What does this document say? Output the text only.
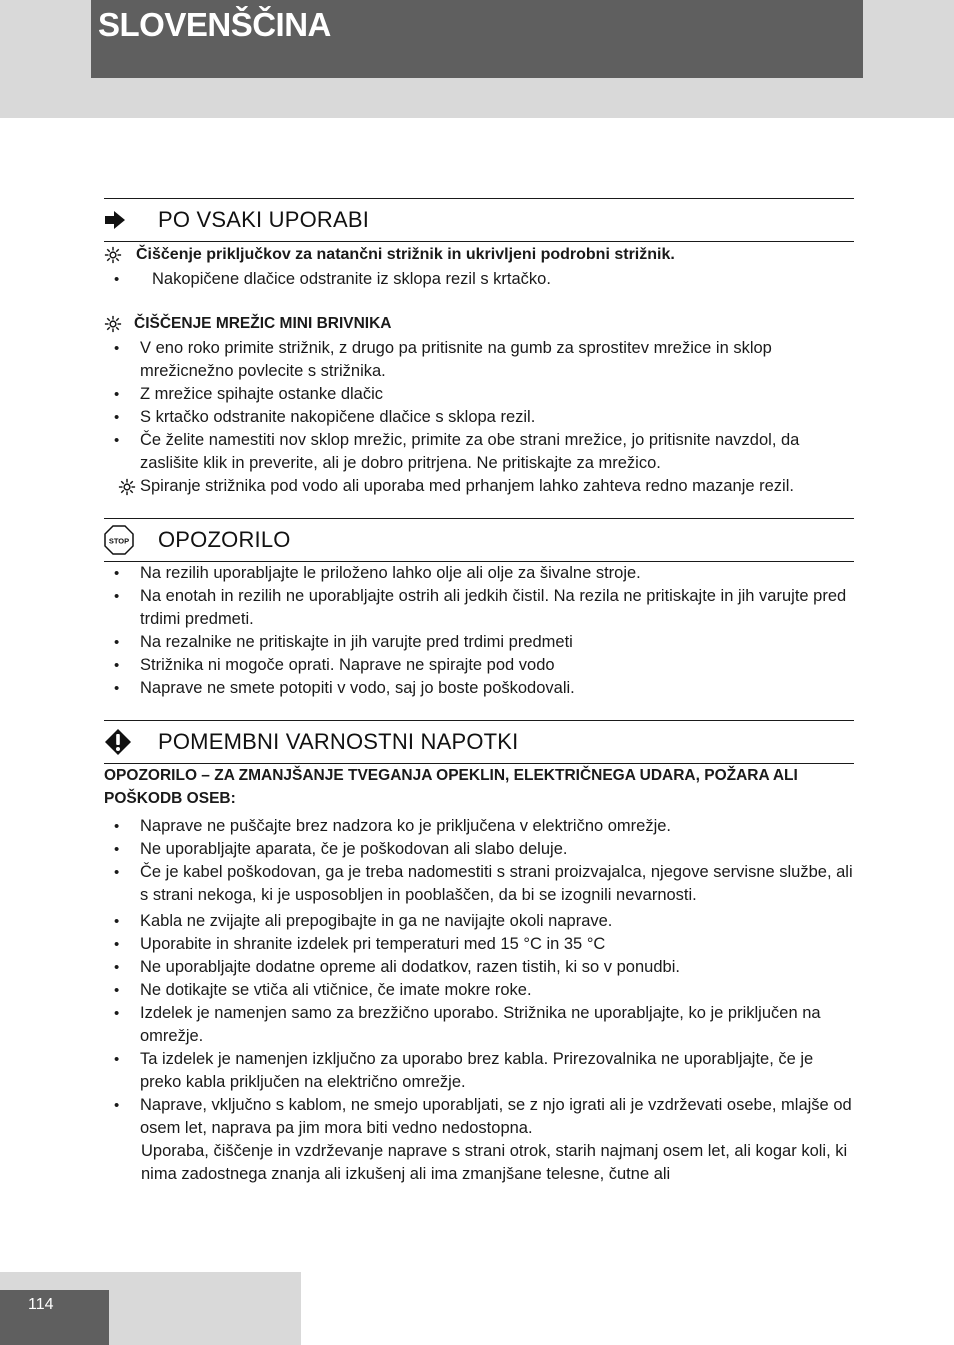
SLOVENŠČINA
PO VSAKI UPORABI
Čiščenje priključkov za natančni strižnik in ukrivljeni podrobni strižnik.
• Nakopičene dlačice odstranite iz sklopa rezil s krtačko.
ČIŠČENJE MREŽIC MINI BRIVNIKA
• V eno roko primite strižnik, z drugo pa pritisnite na gumb za sprostitev mrežice in sklop mrežicnežno povlecite s strižnika.
• Z mrežice spihajte ostanke dlačic
• S krtačko odstranite nakopičene dlačice s sklopa rezil.
• Če želite namestiti nov sklop mrežic, primite za obe strani mrežice, jo pritisnite navzdol, da zaslišite klik in preverite, ali je dobro pritrjena. Ne pritiskajte za mrežico.
Spiranje strižnika pod vodo ali uporaba med prhanjem lahko zahteva redno mazanje rezil.
STOP OPOZORILO
• Na rezilih uporabljajte le priloženo lahko olje ali olje za šivalne stroje.
• Na enotah in rezilih ne uporabljajte ostrih ali jedkih čistil. Na rezila ne pritiskajte in jih varujte pred trdimi predmeti.
• Na rezalnike ne pritiskajte in jih varujte pred trdimi predmeti
• Strižnika ni mogoče oprati. Naprave ne spirajte pod vodo
• Naprave ne smete potopiti v vodo, saj jo boste poškodovali.
POMEMBNI VARNOSTNI NAPOTKI

OPOZORILO – ZA ZMANJŠANJE TVEGANJA OPEKLIN, ELEKTRIČNEGA UDARA, POŽARA ALI POŠKODB OSEB:

• Naprave ne puščajte brez nadzora ko je priključena v električno omrežje.
• Ne uporabljajte aparata, če je poškodovan ali slabo deluje.
• Če je kabel poškodovan, ga je treba nadomestiti s strani proizvajalca, njegove servisne službe, ali s strani nekoga, ki je usposobljen in pooblaščen, da bi se izognili nevarnosti.
• Kabla ne zvijajte ali prepogibajte in ga ne navijajte okoli naprave.
• Uporabite in shranite izdelek pri temperaturi med 15 °C in 35 °C
• Ne uporabljajte dodatne opreme ali dodatkov, razen tistih, ki so v ponudbi.
• Ne dotikajte se vtiča ali vtičnice, če imate mokre roke.
• Izdelek je namenjen samo za brezžično uporabo. Strižnika ne uporabljajte, ko je priključen na omrežje.
• Ta izdelek je namenjen izključno za uporabo brez kabla. Prirezovalnika ne uporabljajte, če je preko kabla priključen na električno omrežje.
• Naprave, vključno s kablom, ne smejo uporabljati, se z njo igrati ali je vzdrževati osebe, mlajše od osem let, naprava pa jim mora biti vedno nedostopna.

Uporaba, čiščenje in vzdrževanje naprave s strani otrok, starih najmanj osem let, ali kogar koli, ki nima zadostnega znanja ali izkušenj ali ima zmanjšane telesne, čutne ali

114
